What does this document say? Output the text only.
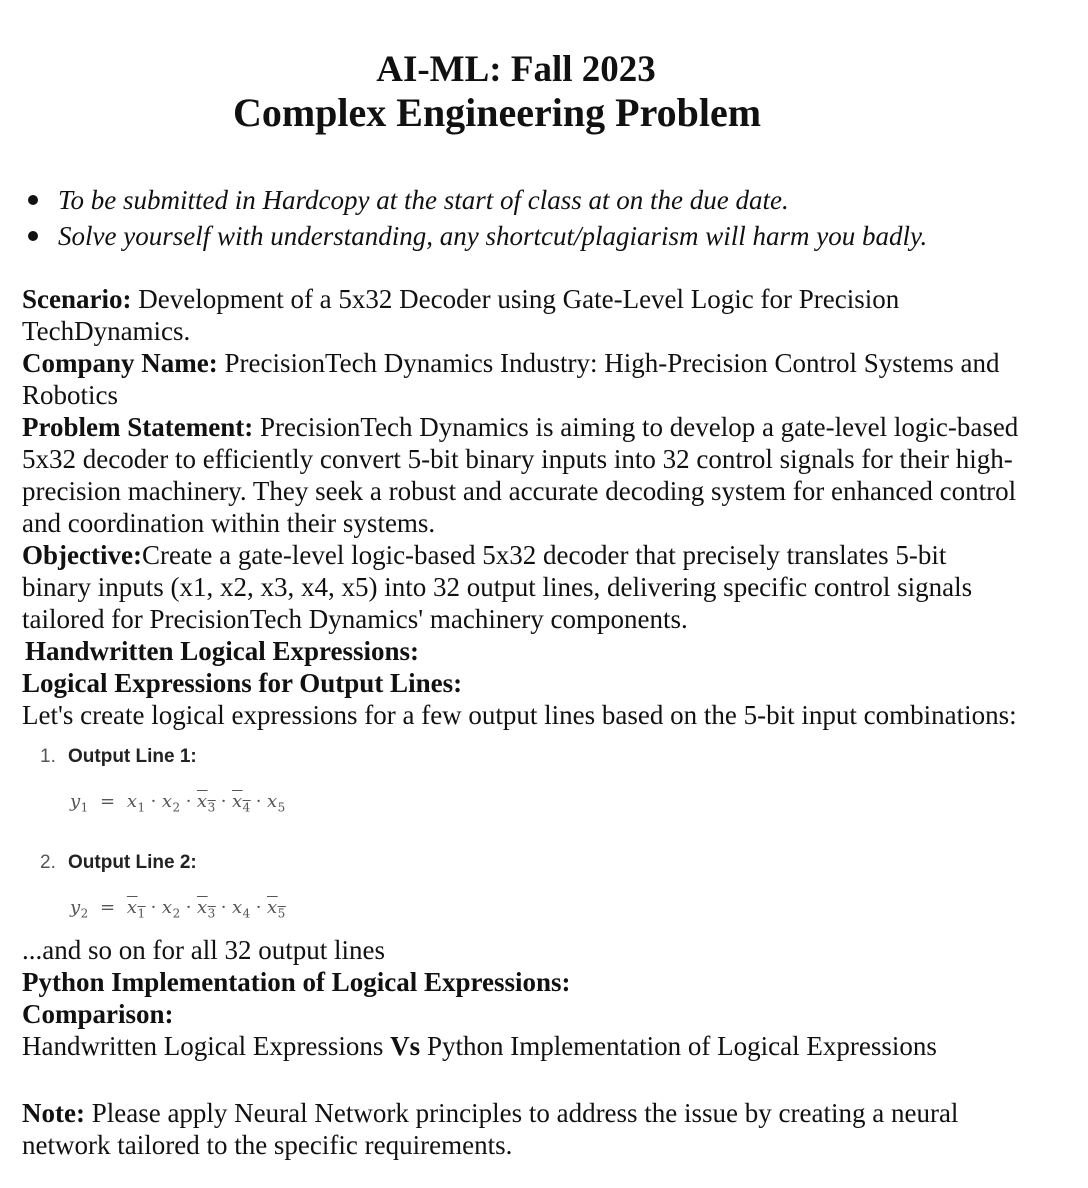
AI-ML: Fall 2023
Complex Engineering Problem
To be submitted in Hardcopy at the start of class at on the due date.
Solve yourself with understanding, any shortcut/plagiarism will harm you badly.
Scenario: Development of a 5x32 Decoder using Gate-Level Logic for Precision TechDynamics.
Company Name: PrecisionTech Dynamics Industry: High-Precision Control Systems and Robotics
Problem Statement: PrecisionTech Dynamics is aiming to develop a gate-level logic-based 5x32 decoder to efficiently convert 5-bit binary inputs into 32 control signals for their high-precision machinery. They seek a robust and accurate decoding system for enhanced control and coordination within their systems.
Objective:Create a gate-level logic-based 5x32 decoder that precisely translates 5-bit binary inputs (x1, x2, x3, x4, x5) into 32 output lines, delivering specific control signals tailored for PrecisionTech Dynamics' machinery components.
Handwritten Logical Expressions:
Logical Expressions for Output Lines:
Let's create logical expressions for a few output lines based on the 5-bit input combinations:
1. Output Line 1:
$y_1 = x_1 \cdot x_2 \cdot x_3 \cdot x_4 \cdot x_5$
2. Output Line 2:
$y_2 = x_1 \cdot x_2 \cdot x_3 \cdot x_4 \cdot x_5$
...and so on for all 32 output lines
Python Implementation of Logical Expressions:
Comparison:
Handwritten Logical Expressions Vs Python Implementation of Logical Expressions
Note: Please apply Neural Network principles to address the issue by creating a neural network tailored to the specific requirements.
